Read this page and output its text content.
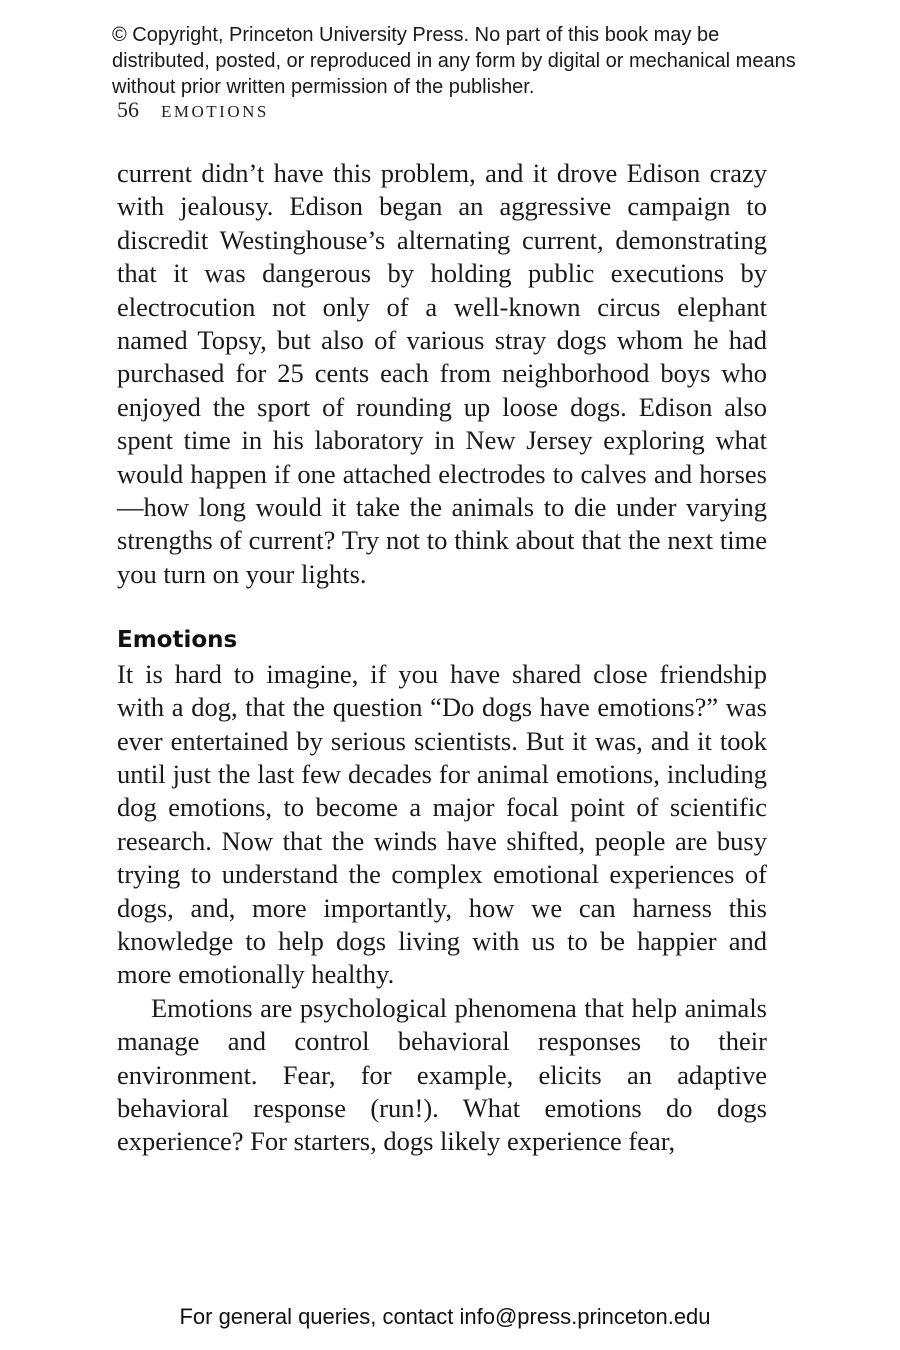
© Copyright, Princeton University Press. No part of this book may be distributed, posted, or reproduced in any form by digital or mechanical means without prior written permission of the publisher.
56 EMOTIONS

current didn’t have this problem, and it drove Edison crazy with jealousy. Edison began an aggressive campaign to discredit Westinghouse’s alternating current, demonstrating that it was dangerous by holding public executions by electrocution not only of a well-known circus elephant named Topsy, but also of various stray dogs whom he had purchased for 25 cents each from neighborhood boys who enjoyed the sport of rounding up loose dogs. Edison also spent time in his laboratory in New Jersey exploring what would happen if one attached electrodes to calves and horses—how long would it take the animals to die under varying strengths of current? Try not to think about that the next time you turn on your lights.

Emotions

It is hard to imagine, if you have shared close friendship with a dog, that the question “Do dogs have emotions?” was ever entertained by serious scientists. But it was, and it took until just the last few decades for animal emotions, including dog emotions, to become a major focal point of scientific research. Now that the winds have shifted, people are busy trying to understand the complex emotional experiences of dogs, and, more importantly, how we can harness this knowledge to help dogs living with us to be happier and more emotionally healthy.

Emotions are psychological phenomena that help animals manage and control behavioral responses to their environment. Fear, for example, elicits an adaptive behavioral response (run!). What emotions do dogs experience? For starters, dogs likely experience fear,

For general queries, contact info@press.princeton.edu
